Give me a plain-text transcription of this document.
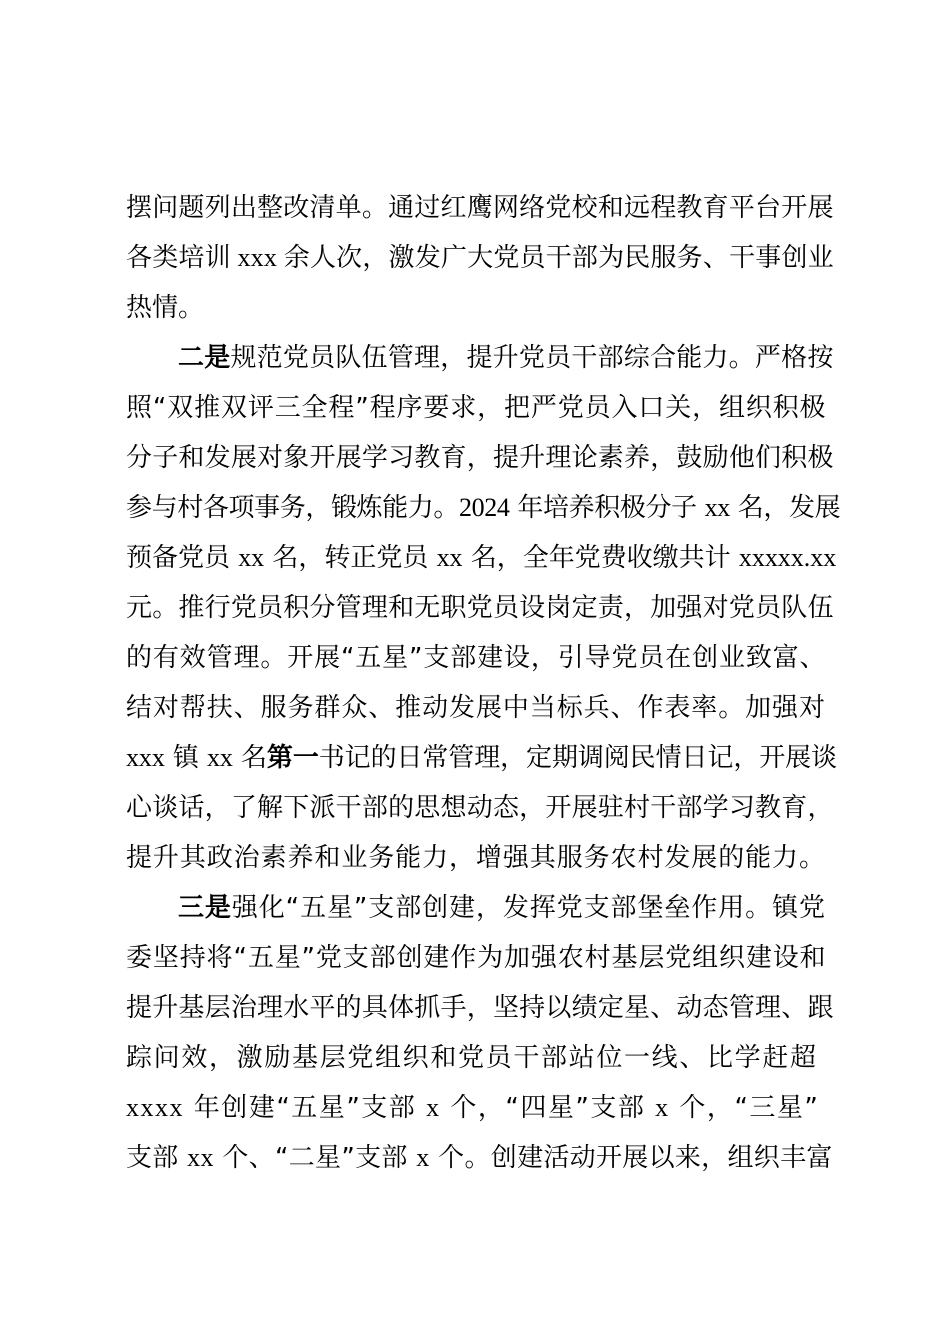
摆问题列出整改清单。通过红鹰网络党校和远程教育平台开展
各类培训 xxx 余人次，激发广大党员干部为民服务、干事创业
热情。
二是规范党员队伍管理，提升党员干部综合能力。严格按
照“双推双评三全程”程序要求，把严党员入口关，组织积极
分子和发展对象开展学习教育，提升理论素养，鼓励他们积极
参与村各项事务，锻炼能力。2024 年培养积极分子 xx 名，发展
预备党员 xx 名，转正党员 xx 名，全年党费收缴共计 xxxxx.xx
元。推行党员积分管理和无职党员设岗定责，加强对党员队伍
的有效管理。开展“五星”支部建设，引导党员在创业致富、
结对帮扶、服务群众、推动发展中当标兵、作表率。加强对
xxx 镇 xx 名第一书记的日常管理，定期调阅民情日记，开展谈
心谈话，了解下派干部的思想动态，开展驻村干部学习教育，
提升其政治素养和业务能力，增强其服务农村发展的能力。
三是强化“五星”支部创建，发挥党支部堡垒作用。镇党
委坚持将“五星”党支部创建作为加强农村基层党组织建设和
提升基层治理水平的具体抓手，坚持以绩定星、动态管理、跟
踪问效，激励基层党组织和党员干部站位一线、比学赶超
xxxx 年创建“五星”支部 x 个，“四星”支部 x 个，“三星”
支部 xx 个、“二星”支部 x 个。创建活动开展以来，组织丰富
